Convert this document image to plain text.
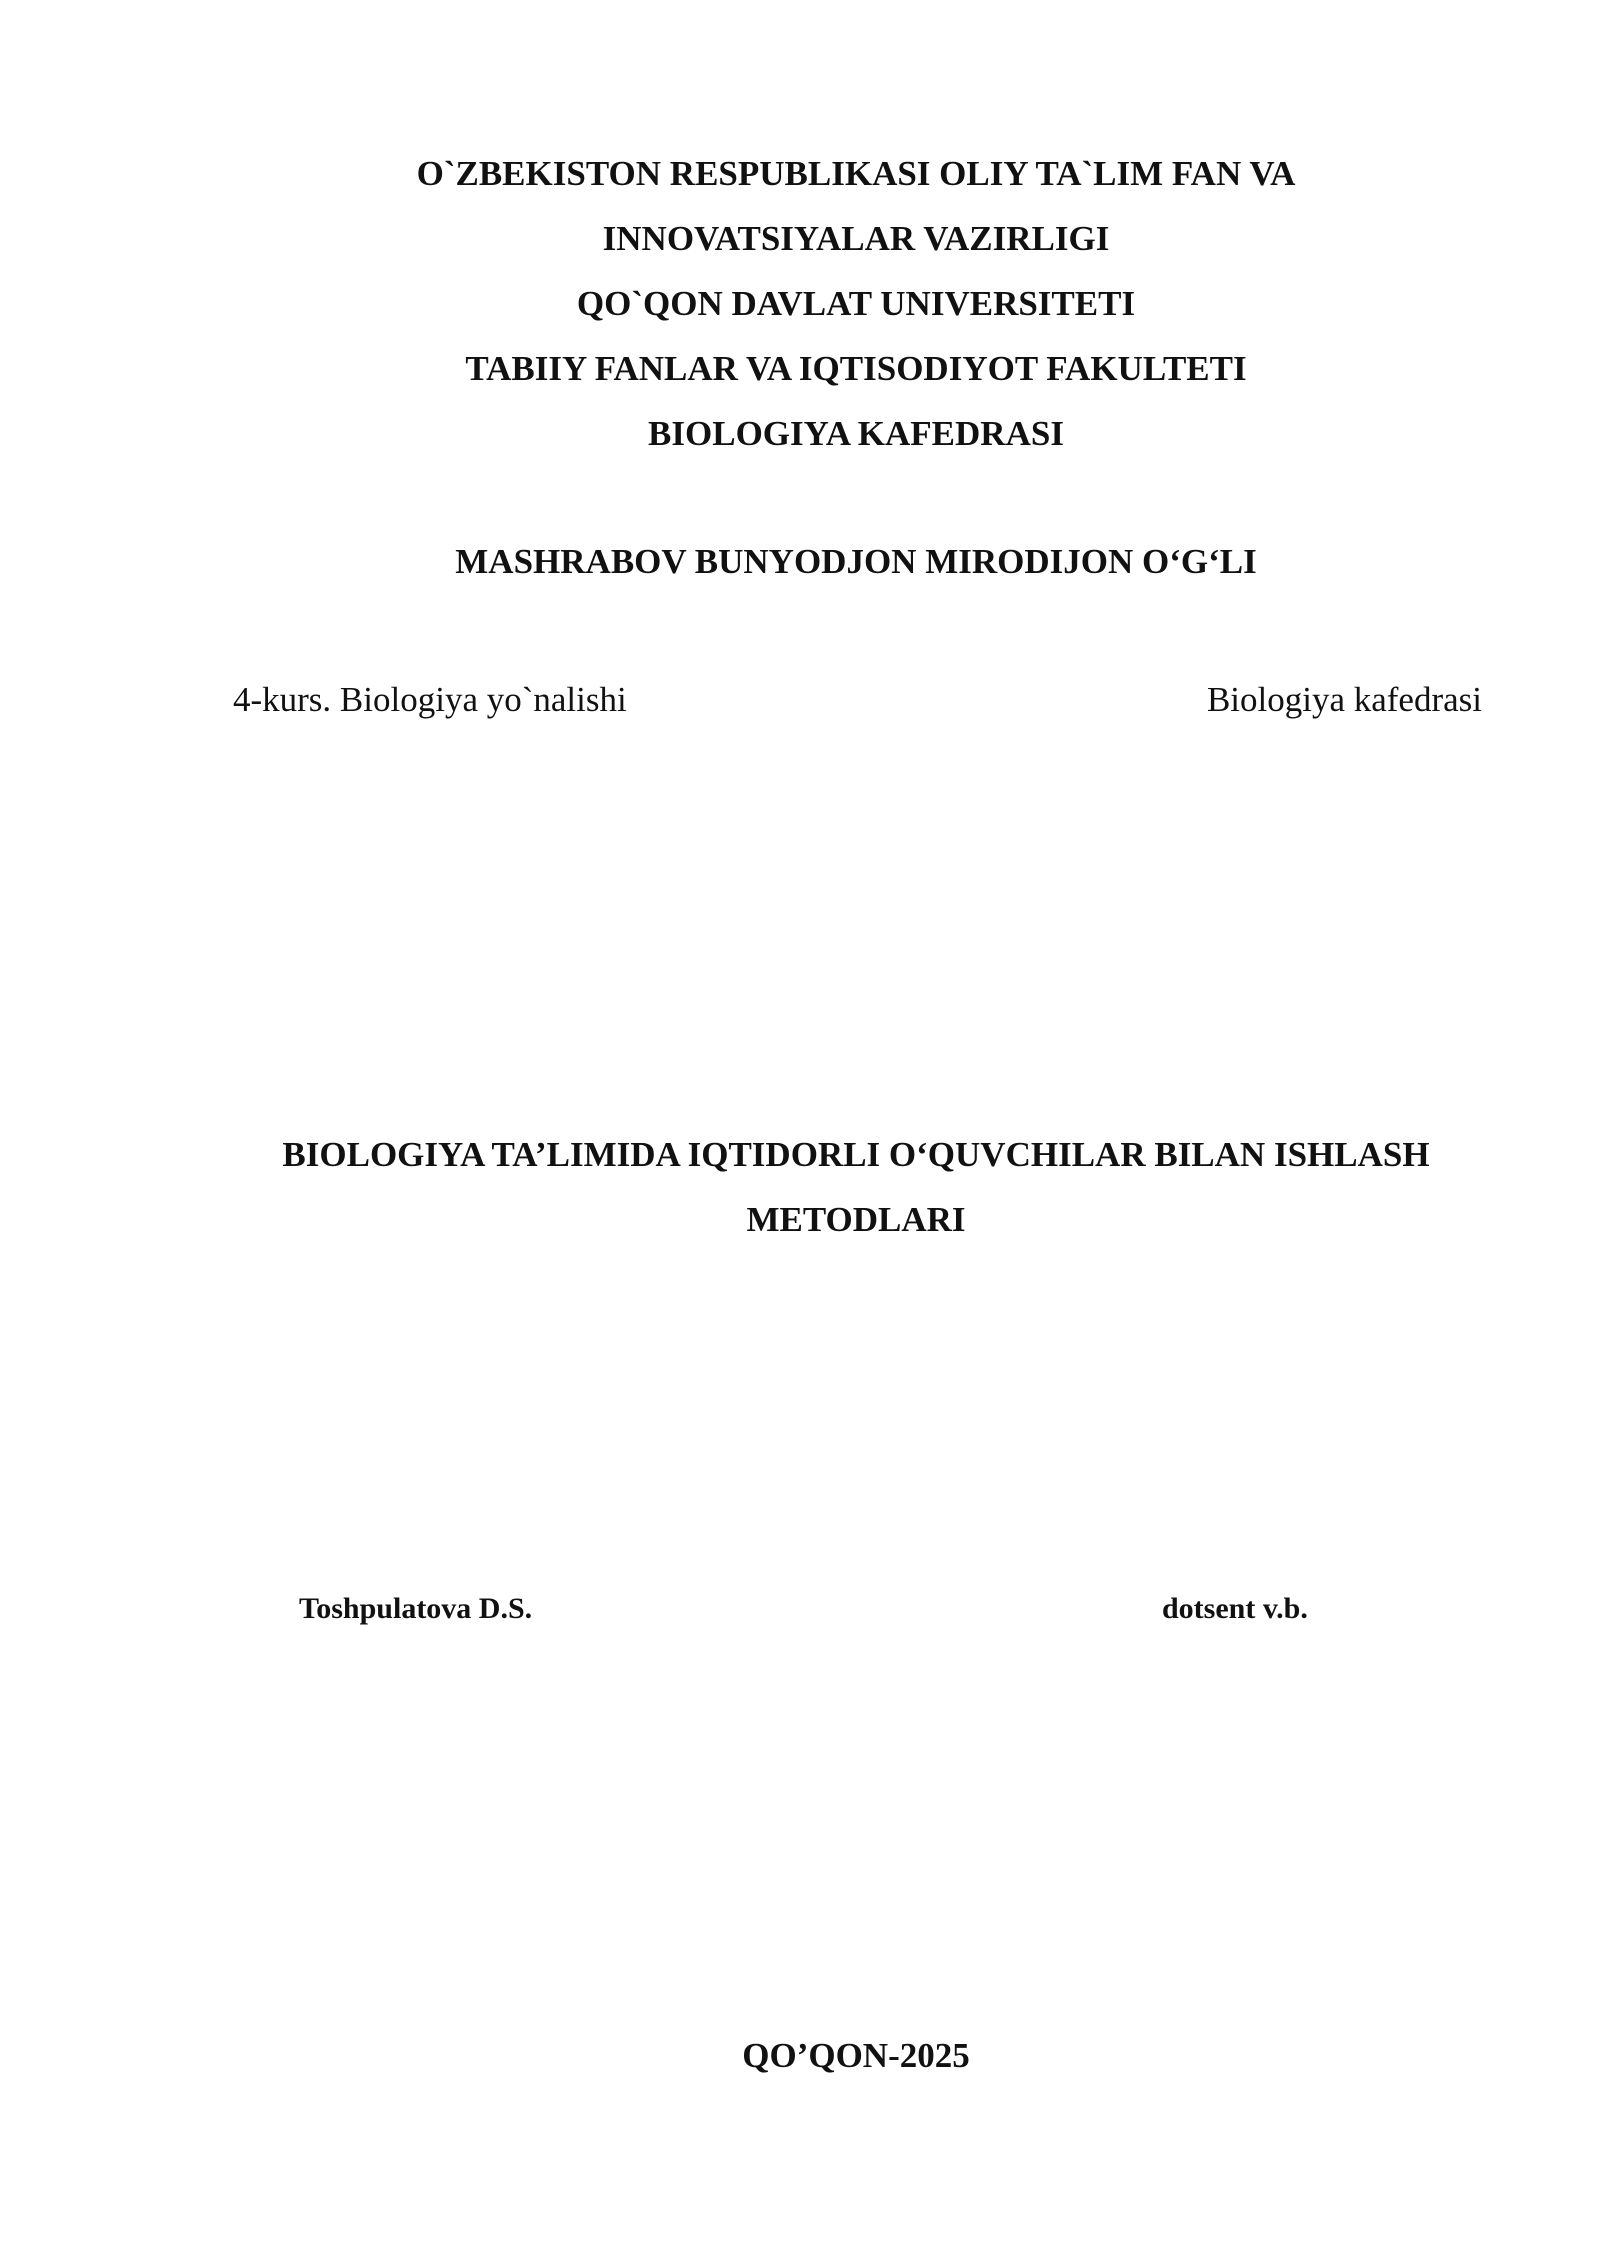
O`ZBEKISTON RESPUBLIKASI OLIY TA`LIM FAN VA
INNOVATSIYALAR VAZIRLIGI
QO`QON DAVLAT UNIVERSITETI
TABIIY FANLAR VA IQTISODIYOT FAKULTETI
BIOLOGIYA KAFEDRASI
MASHRABOV BUNYODJON MIRODIJON O‘G‘LI
4-kurs. Biologiya yo`nalishi	Biologiya kafedrasi
BIOLOGIYA TA’LIMIDA IQTIDORLI O‘QUVCHILAR BILAN ISHLASH
METODLARI
Toshpulatova D.S.	dotsent v.b.
QO’QON-2025
